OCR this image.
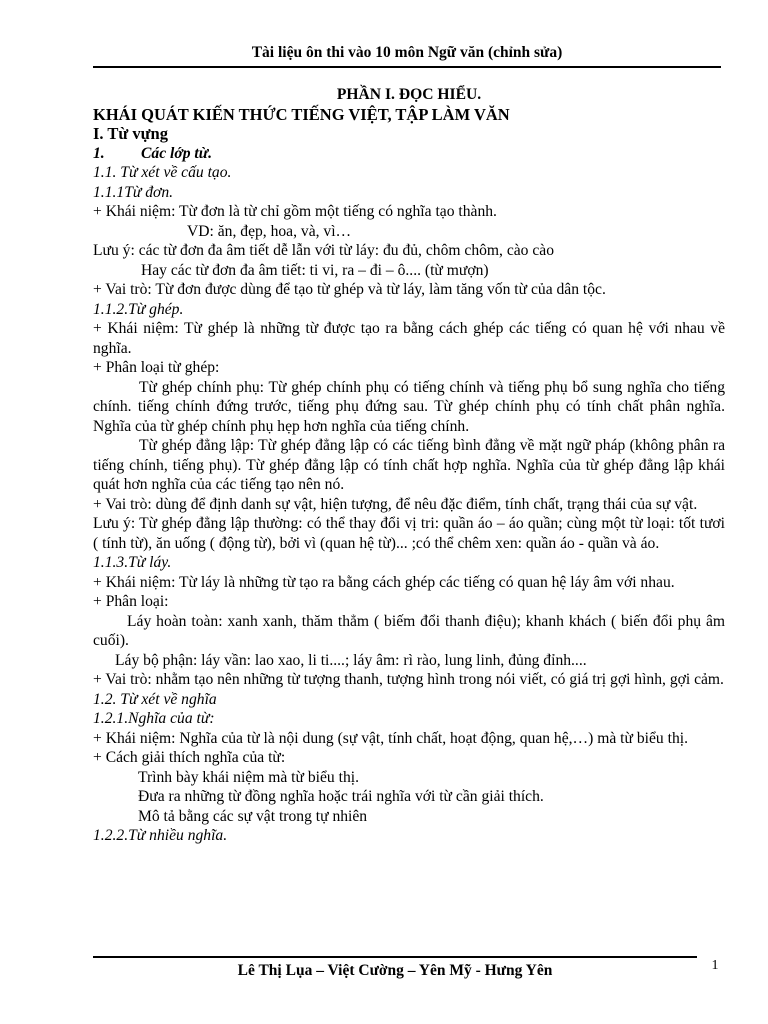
Tài liệu ôn thi vào 10 môn Ngữ văn (chỉnh sửa)

PHẦN I. ĐỌC HIỂU.

KHÁI QUÁT KIẾN THỨC TIẾNG VIỆT, TẬP LÀM VĂN

I. Từ vựng

1. Các lớp từ.

1.1. Từ xét về cấu tạo.

1.1.1Từ đơn.

+ Khái niệm: Từ đơn là từ chỉ gồm một tiếng có nghĩa tạo thành.

VD: ăn, đẹp, hoa, và, vì…

Lưu ý: các từ đơn đa âm tiết dễ lẫn với từ láy: đu đủ, chôm chôm, cào cào

Hay các từ đơn đa âm tiết: ti vi, ra – đi – ô.... (từ mượn)

+ Vai trò: Từ đơn được dùng để tạo từ ghép và từ láy, làm tăng vốn từ của dân tộc.

1.1.2.Từ ghép.

+ Khái niệm: Từ ghép là những từ được tạo ra bằng cách ghép các tiếng có quan hệ với nhau về nghĩa.

+ Phân loại từ ghép:

Từ ghép chính phụ: Từ ghép chính phụ có tiếng chính và tiếng phụ bổ sung nghĩa cho tiếng chính. tiếng chính đứng trước, tiếng phụ đứng sau. Từ ghép chính phụ có tính chất phân nghĩa. Nghĩa của từ ghép chính phụ hẹp hơn nghĩa của tiếng chính.

Từ ghép đẳng lập: Từ ghép đẳng lập có các tiếng bình đẳng về mặt ngữ pháp (không phân ra tiếng chính, tiếng phụ). Từ ghép đẳng lập có tính chất hợp nghĩa. Nghĩa của từ ghép đẳng lập khái quát hơn nghĩa của các tiếng tạo nên nó.

+ Vai trò: dùng để định danh sự vật, hiện tượng, để nêu đặc điểm, tính chất, trạng thái của sự vật.

Lưu ý: Từ ghép đẳng lập thường: có thể thay đổi vị tri: quần áo – áo quần; cùng một từ loại: tốt tươi ( tính từ), ăn uống ( động từ), bởi vì (quan hệ từ)... ;có thể chêm xen: quần áo - quần và áo.

1.1.3.Từ láy.

+ Khái niệm: Từ láy là những từ tạo ra bằng cách ghép các tiếng có quan hệ láy âm với nhau.

+ Phân loại:

Láy hoàn toàn: xanh xanh, thăm thẳm ( biếm đổi thanh điệu); khanh khách ( biến đổi phụ âm cuối).

Láy bộ phận: láy vần: lao xao, li ti....; láy âm: rì rào, lung linh, đủng đỉnh....

+ Vai trò: nhằm tạo nên những từ tượng thanh, tượng hình trong nói viết, có giá trị gợi hình, gợi cảm.

1.2. Từ xét về nghĩa

1.2.1.Nghĩa của từ:

+ Khái niệm: Nghĩa của từ là nội dung (sự vật, tính chất, hoạt động, quan hệ,…) mà từ biểu thị.

+ Cách giải thích nghĩa của từ:

Trình bày khái niệm mà từ biểu thị.

Đưa ra những từ đồng nghĩa hoặc trái nghĩa với từ cần giải thích.

Mô tả bằng các sự vật trong tự nhiên

1.2.2.Từ nhiều nghĩa.

Lê Thị Lụa – Việt Cường – Yên Mỹ - Hưng Yên	1
